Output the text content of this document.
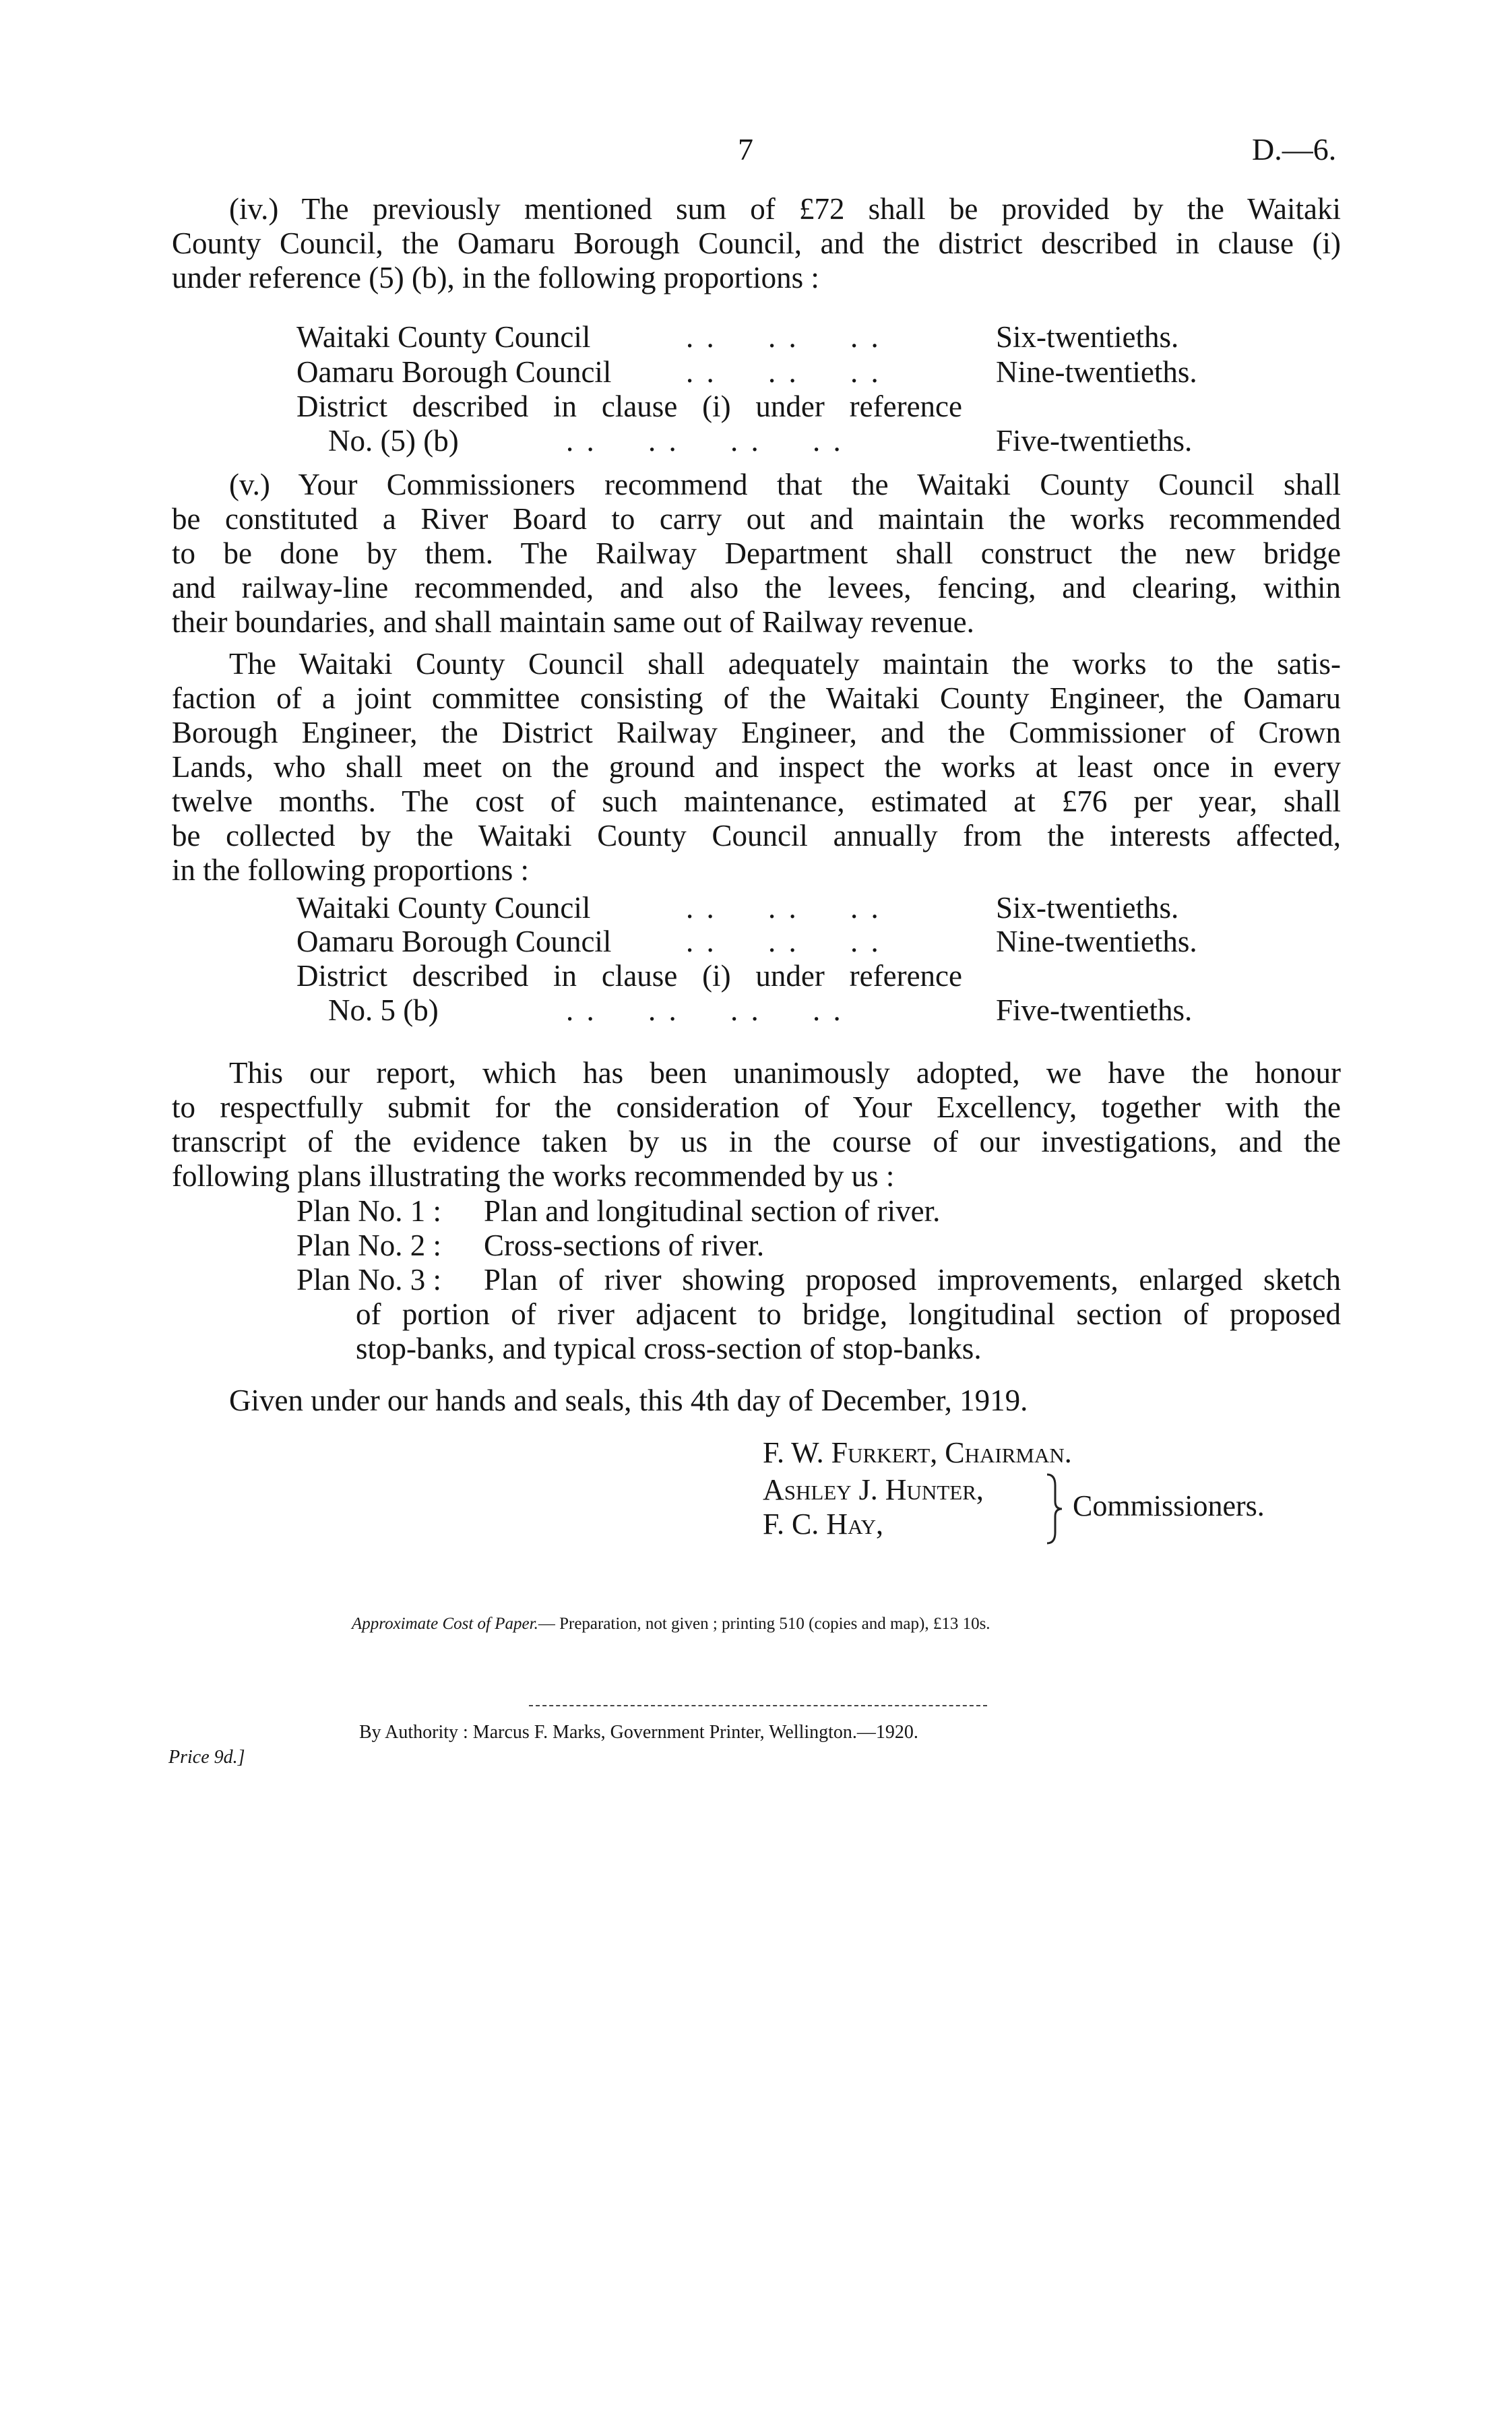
7	D.—6.
(iv.) The previously mentioned sum of £72 shall be provided by the Waitaki
County Council, the Oamaru Borough Council, and the district described in clause (i)
under reference (5) (b), in the following proportions :
Waitaki County Council	. .     . .     . .	Six-twentieths.
Oamaru Borough Council . .     . .     . .	Nine-twentieths.
District described in clause (i) under reference
No. (5) (b)	. .     . .     . .     . .	Five-twentieths.
(v.) Your Commissioners recommend that the Waitaki County Council shall
be constituted a River Board to carry out and maintain the works recommended
to be done by them. The Railway Department shall construct the new bridge
and railway-line recommended, and also the levees, fencing, and clearing, within
their boundaries, and shall maintain same out of Railway revenue.
The Waitaki County Council shall adequately maintain the works to the satis-
faction of a joint committee consisting of the Waitaki County Engineer, the Oamaru
Borough Engineer, the District Railway Engineer, and the Commissioner of Crown
Lands, who shall meet on the ground and inspect the works at least once in every
twelve months. The cost of such maintenance, estimated at £76 per year, shall
be collected by the Waitaki County Council annually from the interests affected,
in the following proportions :
Waitaki County Council	. .     . .     . .	Six-twentieths.
Oamaru Borough Council . .     . .     . .	Nine-twentieths.
District described in clause (i) under reference
No. 5 (b)	. .     . .     . .     . .	Five-twentieths.
This our report, which has been unanimously adopted, we have the honour
to respectfully submit for the consideration of Your Excellency, together with the
transcript of the evidence taken by us in the course of our investigations, and the
following plans illustrating the works recommended by us :
Plan No. 1 : Plan and longitudinal section of river.
Plan No. 2 : Cross-sections of river.
Plan No. 3 :	Plan of river showing proposed improvements, enlarged sketch
of portion of river adjacent to bridge, longitudinal section of proposed
stop-banks, and typical cross-section of stop-banks.
Given under our hands and seals, this 4th day of December, 1919.
F. W. Furkert, Chairman.
Ashley J. Hunter,
F. C. Hay,
Commissioners.
Approximate Cost of Paper.— Preparation, not given ; printing 510 (copies and map), £13 10s.
By Authority : Marcus F. Marks, Government Printer, Wellington.—1920.
Price 9d.]
